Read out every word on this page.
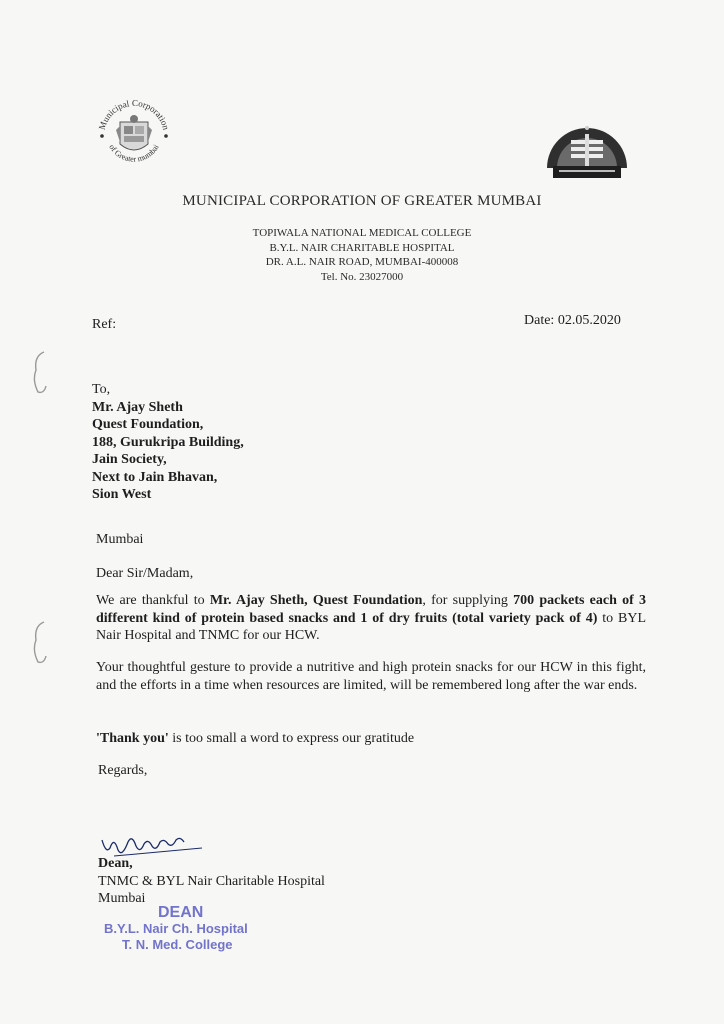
Municipal Corporation
of Greater mumbai
MUNICIPAL CORPORATION OF GREATER MUMBAI
TOPIWALA NATIONAL MEDICAL COLLEGE
B.Y.L. NAIR CHARITABLE HOSPITAL
DR. A.L. NAIR ROAD, MUMBAI-400008
Tel. No. 23027000
Ref:	Date: 02.05.2020
To,
Mr. Ajay Sheth
Quest Foundation,
188, Gurukripa Building,
Jain Society,
Next to Jain Bhavan,
Sion West
Mumbai
Dear Sir/Madam,
We are thankful to Mr. Ajay Sheth, Quest Foundation, for supplying 700 packets each of 3 different kind of protein based snacks and 1 of dry fruits (total variety pack of 4) to BYL Nair Hospital and TNMC for our HCW.
Your thoughtful gesture to provide a nutritive and high protein snacks for our HCW in this fight, and the efforts in a time when resources are limited, will be remembered long after the war ends.
'Thank you' is too small a word to express our gratitude
Regards,
Dean,
TNMC & BYL Nair Charitable Hospital
Mumbai
DEAN
B.Y.L. Nair Ch. Hospital
T. N. Med. College
